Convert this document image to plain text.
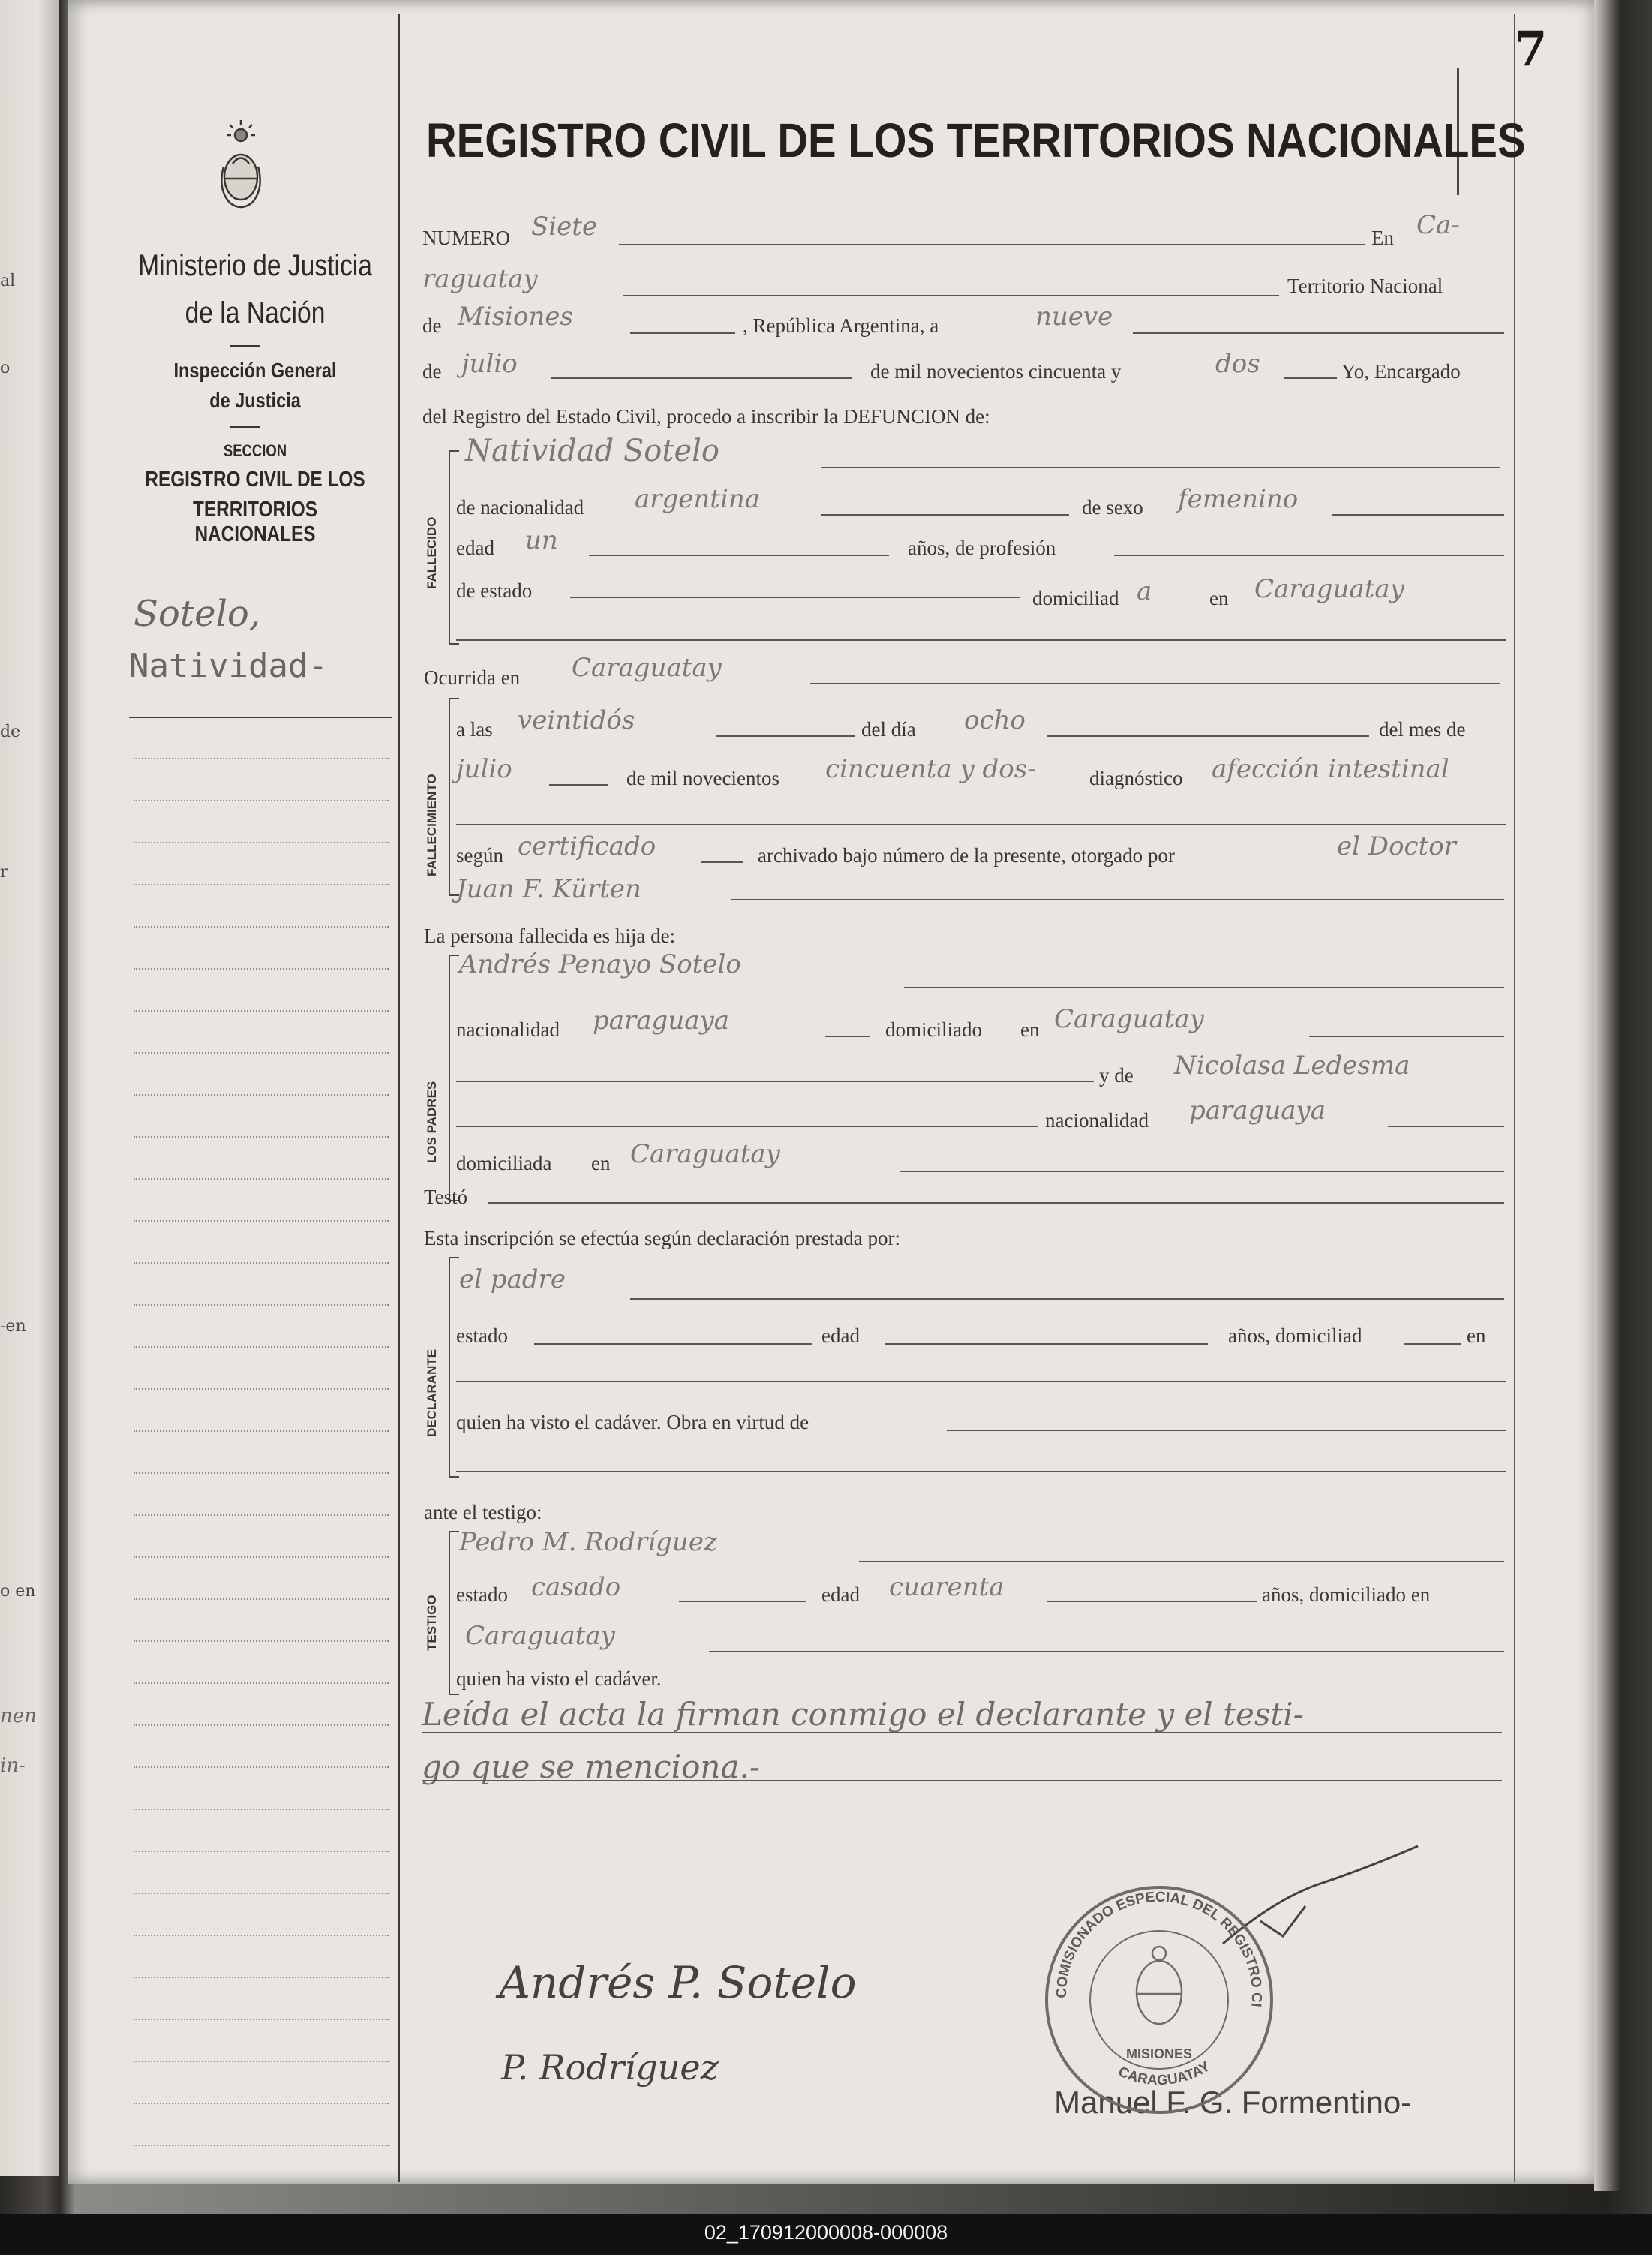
al
o
de
r
-en
o en
nen
in-
Ministerio de Justicia
de la Nación
Inspección General
de Justicia
SECCION
REGISTRO CIVIL DE LOS
TERRITORIOS NACIONALES
Sotelo,
Natividad-
7
REGISTRO CIVIL DE LOS TERRITORIOS NACIONALES
NUMERO Siete	En Ca-
raguatay	Territorio Nacional
de Misiones	, República Argentina, a	nueve
de julio	de mil novecientos cincuenta y	dos	Yo, Encargado
del Registro del Estado Civil, procedo a inscribir la DEFUNCION de:
FALLECIDO
Natividad Sotelo
de nacionalidad argentina	de sexo femenino
edad un	años, de profesión
de estado	domiciliad a	en Caraguatay
Ocurrida en Caraguatay
FALLECIMIENTO
a las veintidós	del día ocho	del mes de
julio	de mil novecientos cincuenta y dos-	diagnóstico afección intestinal
según certificado	archivado bajo número de la presente, otorgado por	el Doctor
Juan F. Kürten
La persona fallecida es hija de:
LOS PADRES
Andrés Penayo Sotelo
nacionalidad paraguaya	domiciliado en Caraguatay
y de Nicolasa Ledesma
nacionalidad paraguaya
domiciliada en Caraguatay
Testó
Esta inscripción se efectúa según declaración prestada por:
DECLARANTE
el padre
estado	edad	años, domiciliad	en
quien ha visto el cadáver. Obra en virtud de
ante el testigo:
TESTIGO
Pedro M. Rodríguez
estado casado	edad cuarenta	años, domiciliado en
Caraguatay
quien ha visto el cadáver.
Leída el acta la firman conmigo el declarante y el testi-
go que se menciona.-
Andrés P. Sotelo
P. Rodríguez
Manuel F. G. Formentino-
COMISIONADO ESPECIAL DEL REGISTRO CI
CARAGUATAY
MISIONES
02_170912000008-000008
